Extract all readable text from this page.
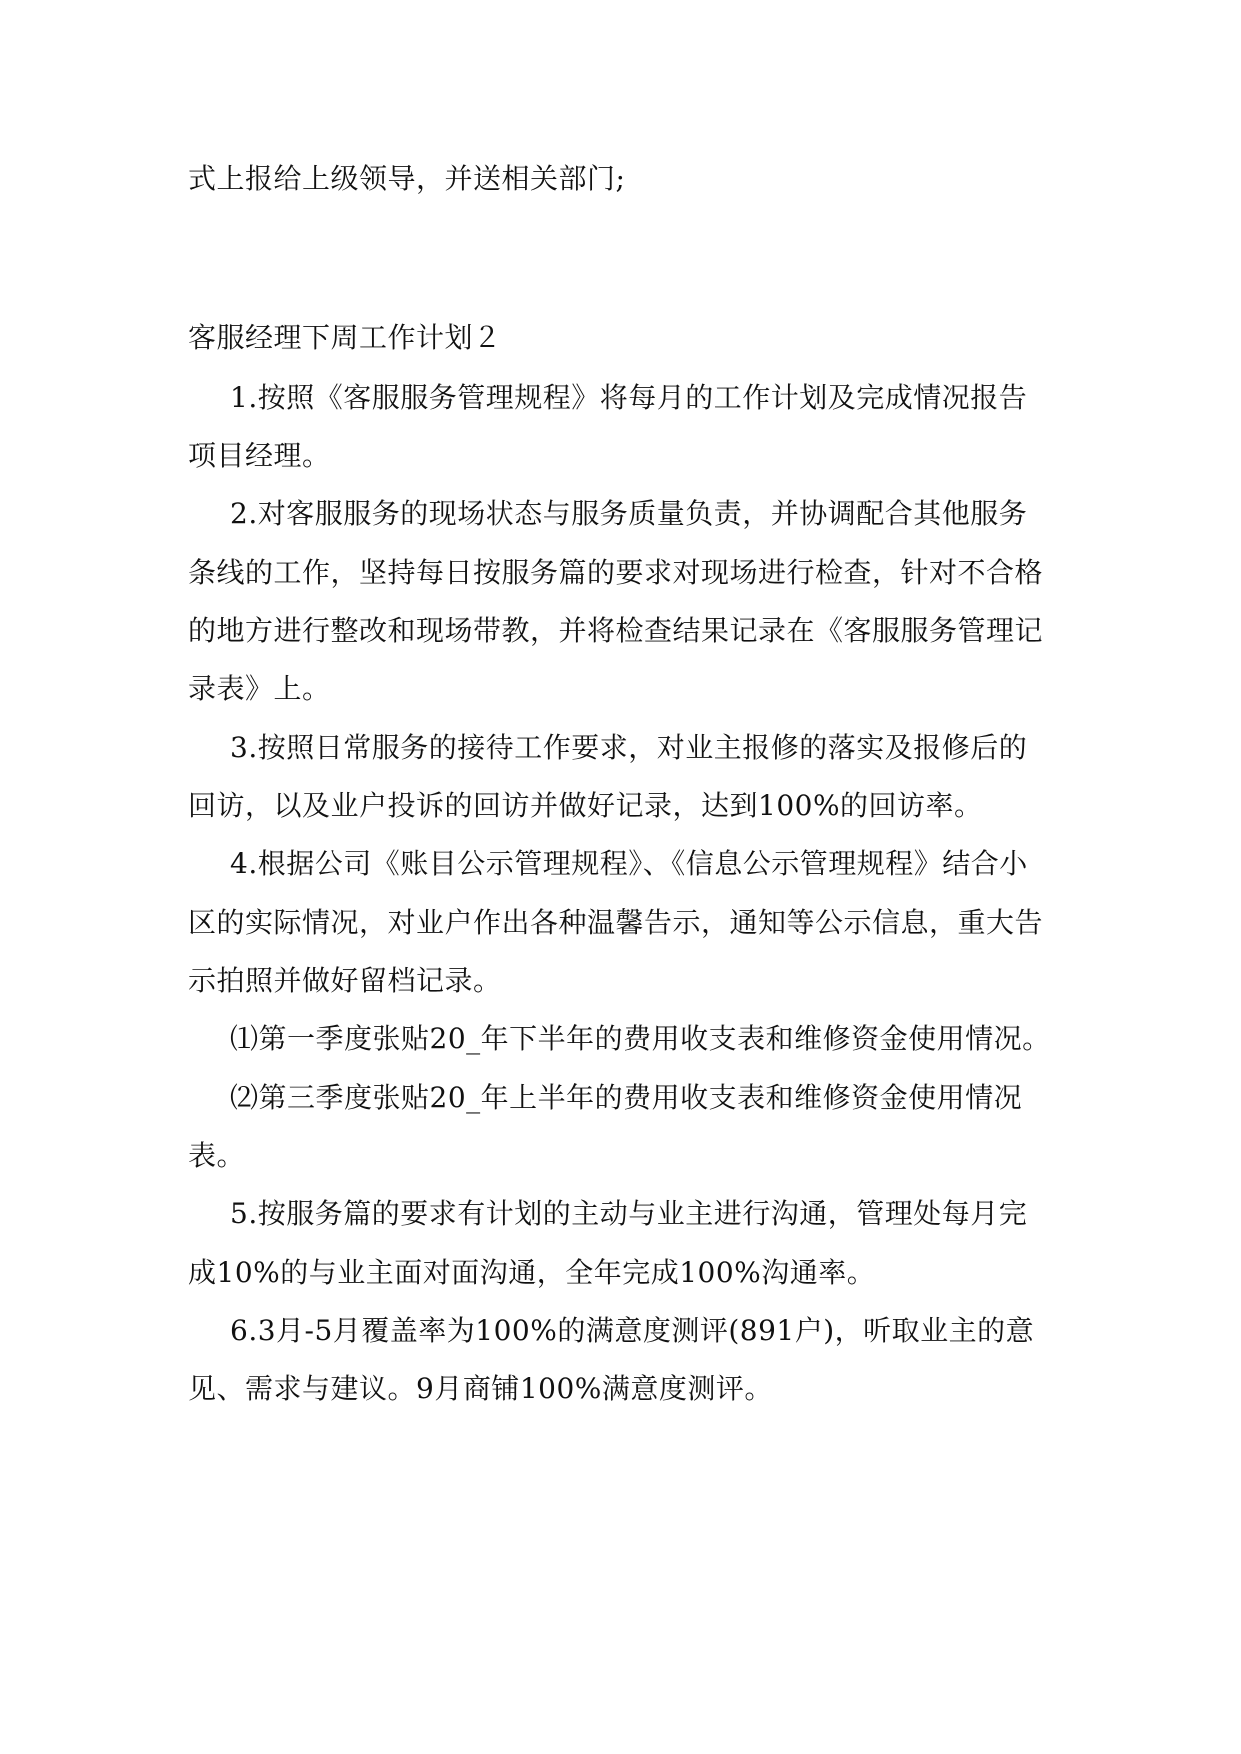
式上报给上级领导，并送相关部门;
客服经理下周工作计划２
1.按照《客服服务管理规程》将每月的工作计划及完成情况报告
项目经理。
2.对客服服务的现场状态与服务质量负责，并协调配合其他服务
条线的工作，坚持每日按服务篇的要求对现场进行检查，针对不合格
的地方进行整改和现场带教，并将检查结果记录在《客服服务管理记
录表》上。
3.按照日常服务的接待工作要求，对业主报修的落实及报修后的
回访，以及业户投诉的回访并做好记录，达到100%的回访率。
4.根据公司《账目公示管理规程》、《信息公示管理规程》结合小
区的实际情况，对业户作出各种温馨告示，通知等公示信息，重大告
示拍照并做好留档记录。
⑴第一季度张贴20_年下半年的费用收支表和维修资金使用情况。
⑵第三季度张贴20_年上半年的费用收支表和维修资金使用情况
表。
5.按服务篇的要求有计划的主动与业主进行沟通，管理处每月完
成10%的与业主面对面沟通，全年完成100%沟通率。
6.3月-5月覆盖率为100%的满意度测评(891户)，听取业主的意
见、需求与建议。9月商铺100%满意度测评。
